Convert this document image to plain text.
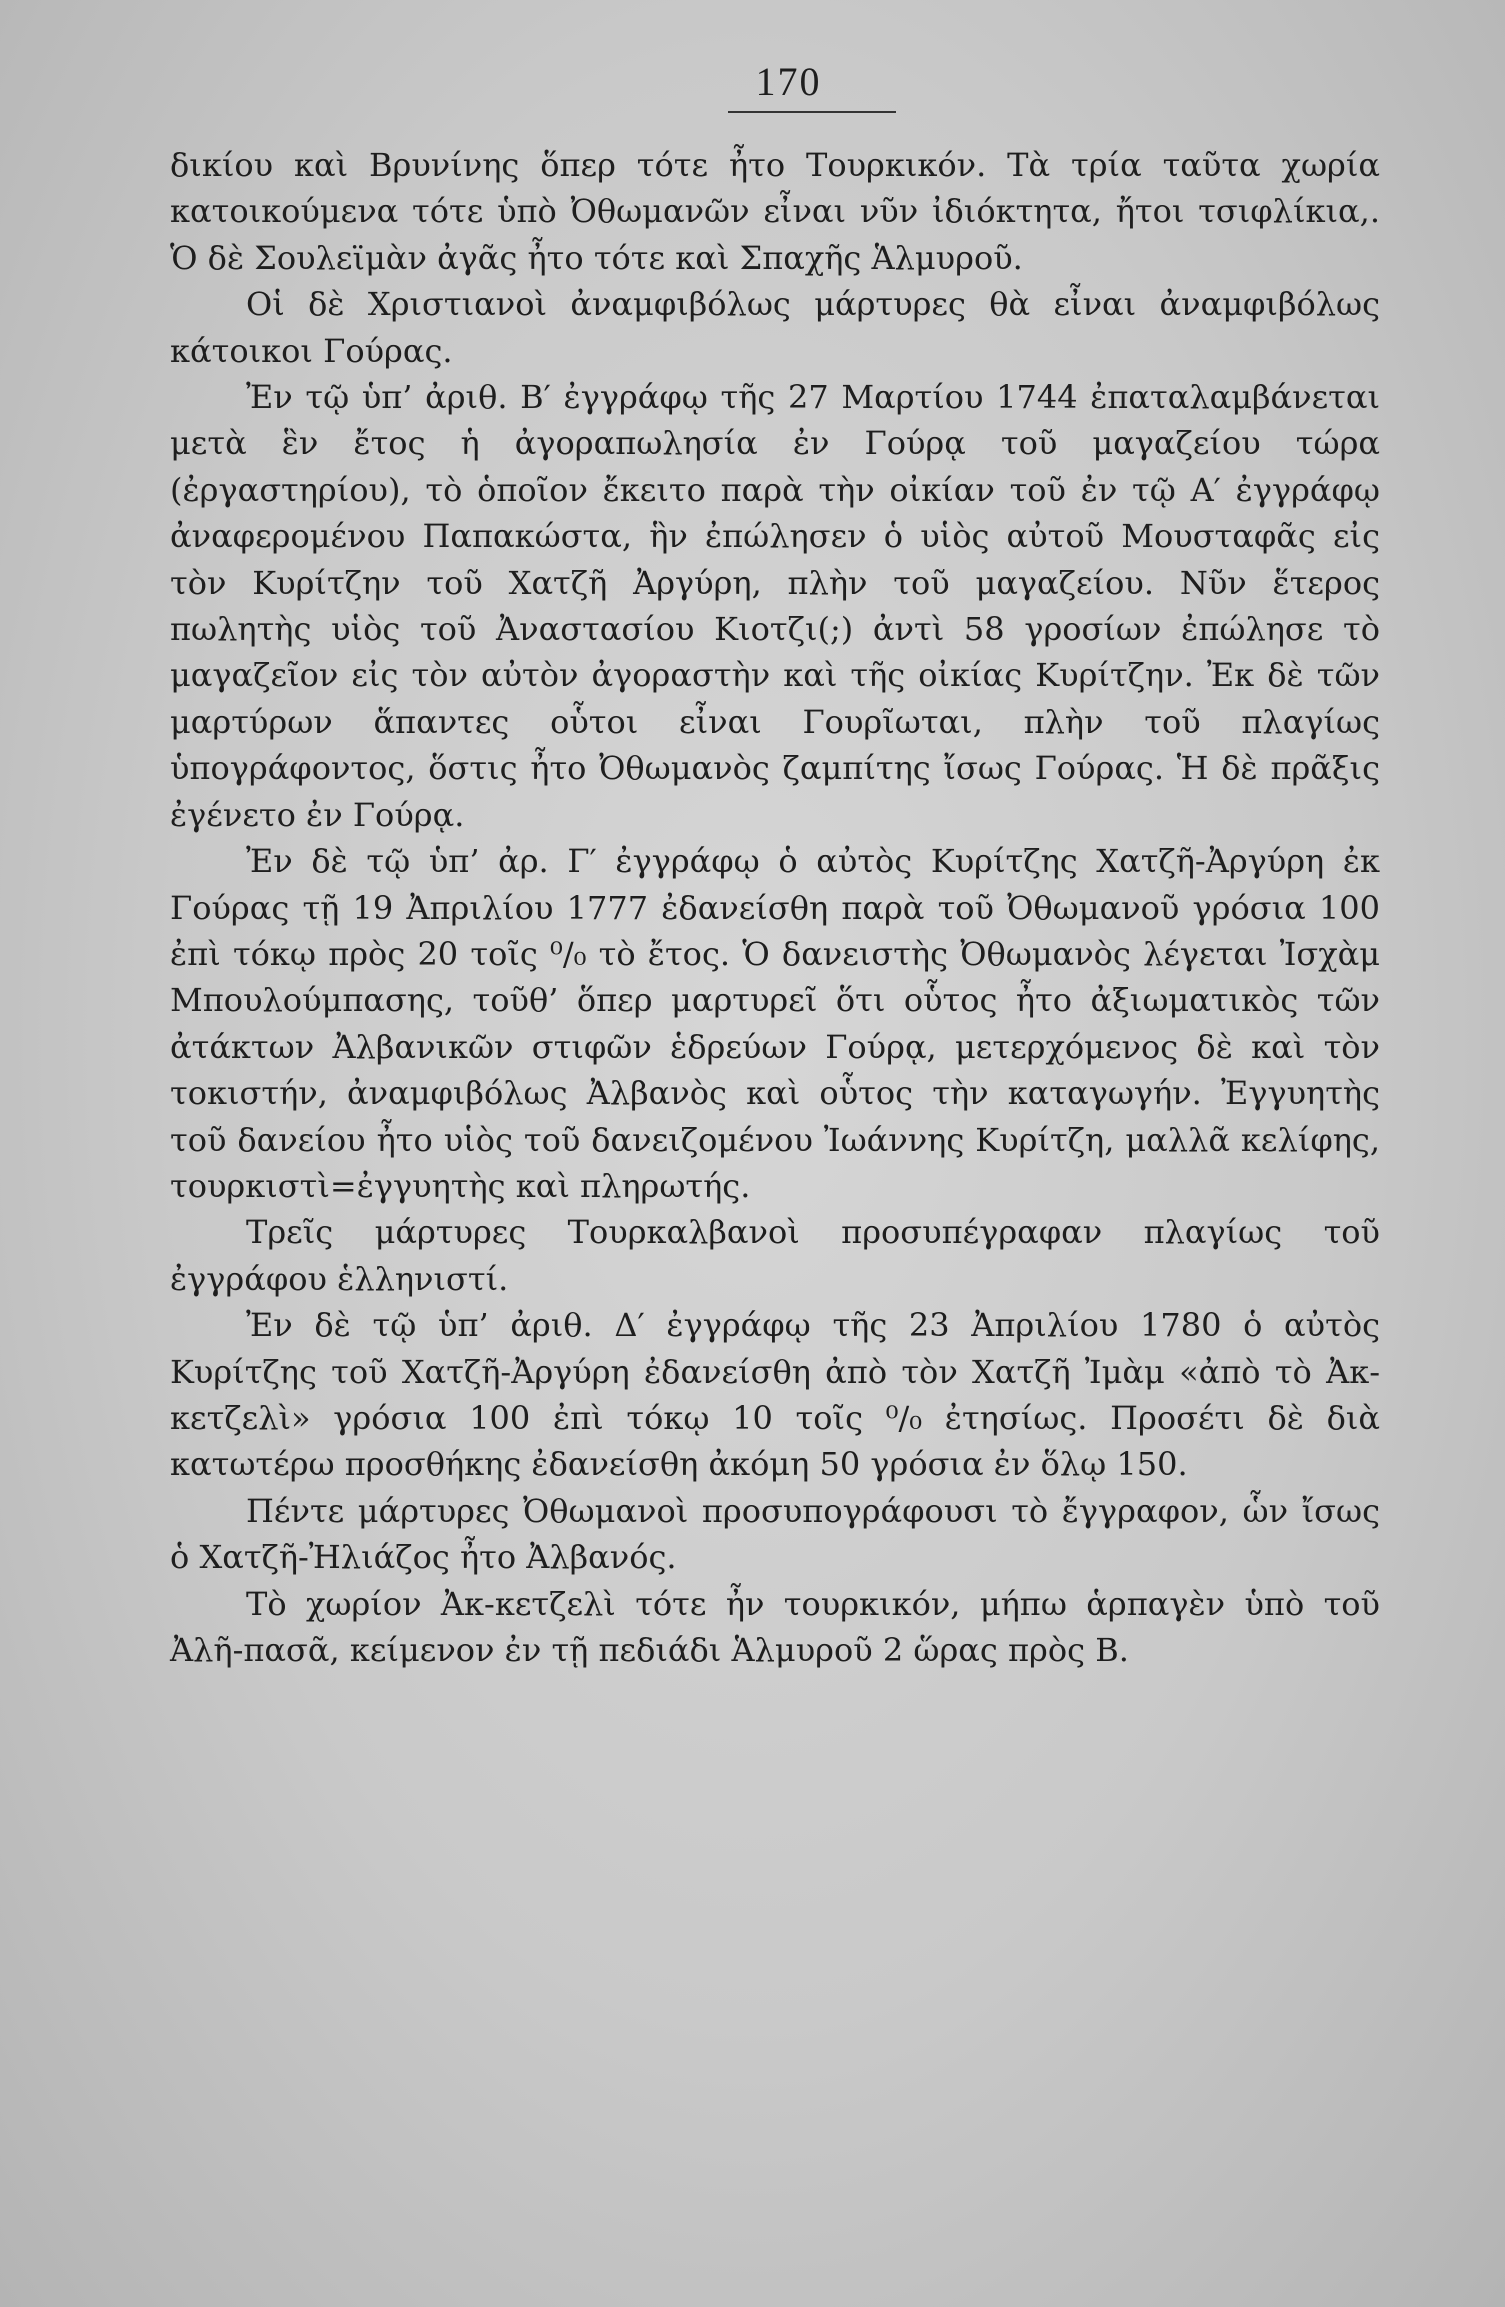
170

δικίου καὶ Βρυνίνης ὅπερ τότε ἦτο Τουρκικόν. Τὰ τρία ταῦτα χωρία κατοικούμενα τότε ὑπὸ Ὀθωμανῶν εἶναι νῦν ἰδιόκτητα, ἤτοι τσιφλίκια,. Ὁ δὲ Σουλεϊμὰν ἀγᾶς ἦτο τότε καὶ Σπαχῆς Ἁλμυροῦ.

Οἱ δὲ Χριστιανοὶ ἀναμφιβόλως μάρτυρες θὰ εἶναι ἀναμφιβόλως κάτοικοι Γούρας.

Ἐν τῷ ὑπ’ ἀριθ. Β′ ἐγγράφῳ τῆς 27 Μαρτίου 1744 ἐπαταλαμβάνεται μετὰ ἓν ἔτος ἡ ἀγοραπωλησία ἐν Γούρᾳ τοῦ μαγαζείου τώρα (ἐργαστηρίου), τὸ ὁποῖον ἔκειτο παρὰ τὴν οἰκίαν τοῦ ἐν τῷ Α′ ἐγγράφῳ ἀναφερομένου Παπακώστα, ἣν ἐπώλησεν ὁ υἱὸς αὐτοῦ Μουσταφᾶς εἰς τὸν Κυρίτζην τοῦ Χατζῆ Ἀργύρη, πλὴν τοῦ μαγαζείου. Νῦν ἕτερος πωλητὴς υἱὸς τοῦ Ἀναστασίου Κιοτζι(;) ἀντὶ 58 γροσίων ἐπώλησε τὸ μαγαζεῖον εἰς τὸν αὐτὸν ἀγοραστὴν καὶ τῆς οἰκίας Κυρίτζην. Ἐκ δὲ τῶν μαρτύρων ἅπαντες οὗτοι εἶναι Γουρῖωται, πλὴν τοῦ πλαγίως ὑπογράφοντος, ὅστις ἦτο Ὀθωμανὸς ζαμπίτης ἴσως Γούρας. Ἡ δὲ πρᾶξις ἐγένετο ἐν Γούρᾳ.

Ἐν δὲ τῷ ὑπ’ ἀρ. Γ′ ἐγγράφῳ ὁ αὐτὸς Κυρίτζης Χατζῆ-Ἀργύρη ἐκ Γούρας τῇ 19 Ἀπριλίου 1777 ἐδανείσθη παρὰ τοῦ Ὀθωμανοῦ γρόσια 100 ἐπὶ τόκῳ πρὸς 20 τοῖς ⁰/₀ τὸ ἔτος. Ὁ δανειστὴς Ὀθωμανὸς λέγεται Ἰσχὰμ Μπουλούμπασης, τοῦθ’ ὅπερ μαρτυρεῖ ὅτι οὗτος ἦτο ἀξιωματικὸς τῶν ἀτάκτων Ἀλβανικῶν στιφῶν ἑδρεύων Γούρᾳ, μετερχόμενος δὲ καὶ τὸν τοκιστήν, ἀναμφιβόλως Ἀλβανὸς καὶ οὗτος τὴν καταγωγήν. Ἐγγυητὴς τοῦ δανείου ἦτο υἱὸς τοῦ δανειζομένου Ἰωάννης Κυρίτζη, μαλλᾶ κελίφης, τουρκιστὶ=ἐγγυητὴς καὶ πληρωτής.

Τρεῖς μάρτυρες Τουρκαλβανοὶ προσυπέγραφαν πλαγίως τοῦ ἐγγράφου ἑλληνιστί.

Ἐν δὲ τῷ ὑπ’ ἀριθ. Δ′ ἐγγράφῳ τῆς 23 Ἀπριλίου 1780 ὁ αὐτὸς Κυρίτζης τοῦ Χατζῆ-Ἀργύρη ἐδανείσθη ἀπὸ τὸν Χατζῆ Ἰμὰμ «ἀπὸ τὸ Ἀκ-κετζελὶ» γρόσια 100 ἐπὶ τόκῳ 10 τοῖς ⁰/₀ ἐτησίως. Προσέτι δὲ διὰ κατωτέρω προσθήκης ἐδανείσθη ἀκόμη 50 γρόσια ἐν ὅλῳ 150.

Πέντε μάρτυρες Ὀθωμανοὶ προσυπογράφουσι τὸ ἔγγραφον, ὧν ἴσως ὁ Χατζῆ-Ἠλιάζος ἦτο Ἀλβανός.

Τὸ χωρίον Ἀκ-κετζελὶ τότε ἦν τουρκικόν, μήπω ἁρπαγὲν ὑπὸ τοῦ Ἀλῆ-πασᾶ, κείμενον ἐν τῇ πεδιάδι Ἁλμυροῦ 2 ὥρας πρὸς Β.
